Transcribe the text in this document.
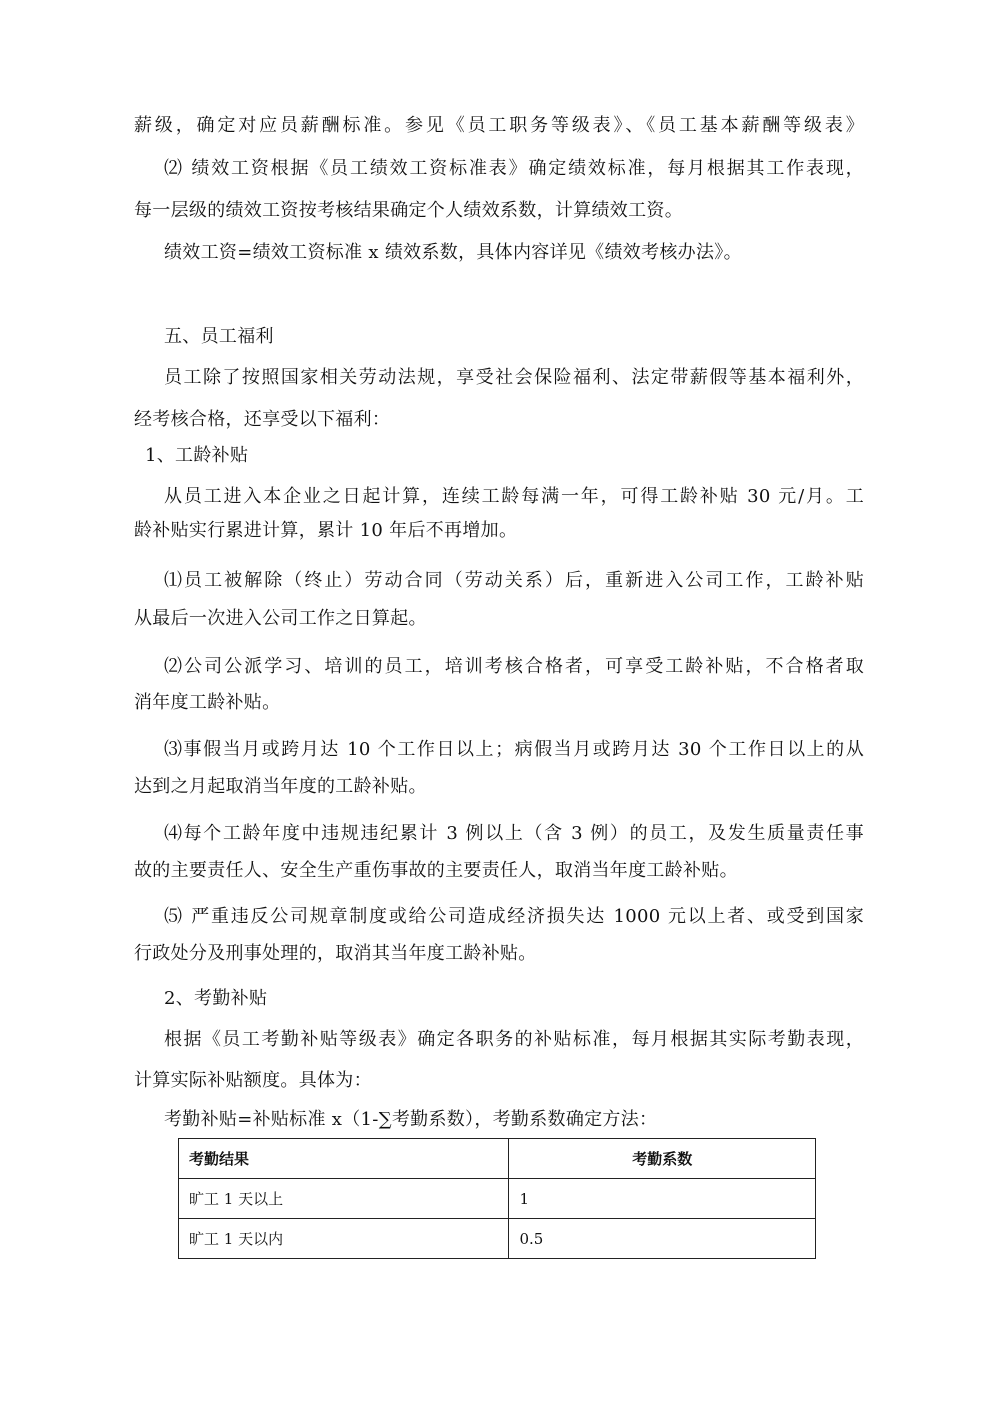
薪级，确定对应员薪酬标准。参见《员工职务等级表》、《员工基本薪酬等级表》
⑵ 绩效工资根据《员工绩效工资标准表》确定绩效标准，每月根据其工作表现，
每一层级的绩效工资按考核结果确定个人绩效系数，计算绩效工资。
绩效工资=绩效工资标准 x 绩效系数，具体内容详见《绩效考核办法》。
五、员工福利
员工除了按照国家相关劳动法规，享受社会保险福利、法定带薪假等基本福利外，
经考核合格，还享受以下福利：
1、工龄补贴
从员工进入本企业之日起计算，连续工龄每满一年，可得工龄补贴 30 元/月。工
龄补贴实行累进计算，累计 10 年后不再增加。
⑴员工被解除（终止）劳动合同（劳动关系）后，重新进入公司工作，工龄补贴
从最后一次进入公司工作之日算起。
⑵公司公派学习、培训的员工，培训考核合格者，可享受工龄补贴，不合格者取
消年度工龄补贴。
⑶事假当月或跨月达 10 个工作日以上；病假当月或跨月达 30 个工作日以上的从
达到之月起取消当年度的工龄补贴。
⑷每个工龄年度中违规违纪累计 3 例以上（含 3 例）的员工，及发生质量责任事
故的主要责任人、安全生产重伤事故的主要责任人，取消当年度工龄补贴。
⑸ 严重违反公司规章制度或给公司造成经济损失达 1000 元以上者、或受到国家
行政处分及刑事处理的，取消其当年度工龄补贴。
2、考勤补贴
根据《员工考勤补贴等级表》确定各职务的补贴标准，每月根据其实际考勤表现，
计算实际补贴额度。具体为：
考勤补贴=补贴标准 x（1-∑考勤系数），考勤系数确定方法：
考勤结果	考勤系数
旷工 1 天以上	1
旷工 1 天以内	0.5
